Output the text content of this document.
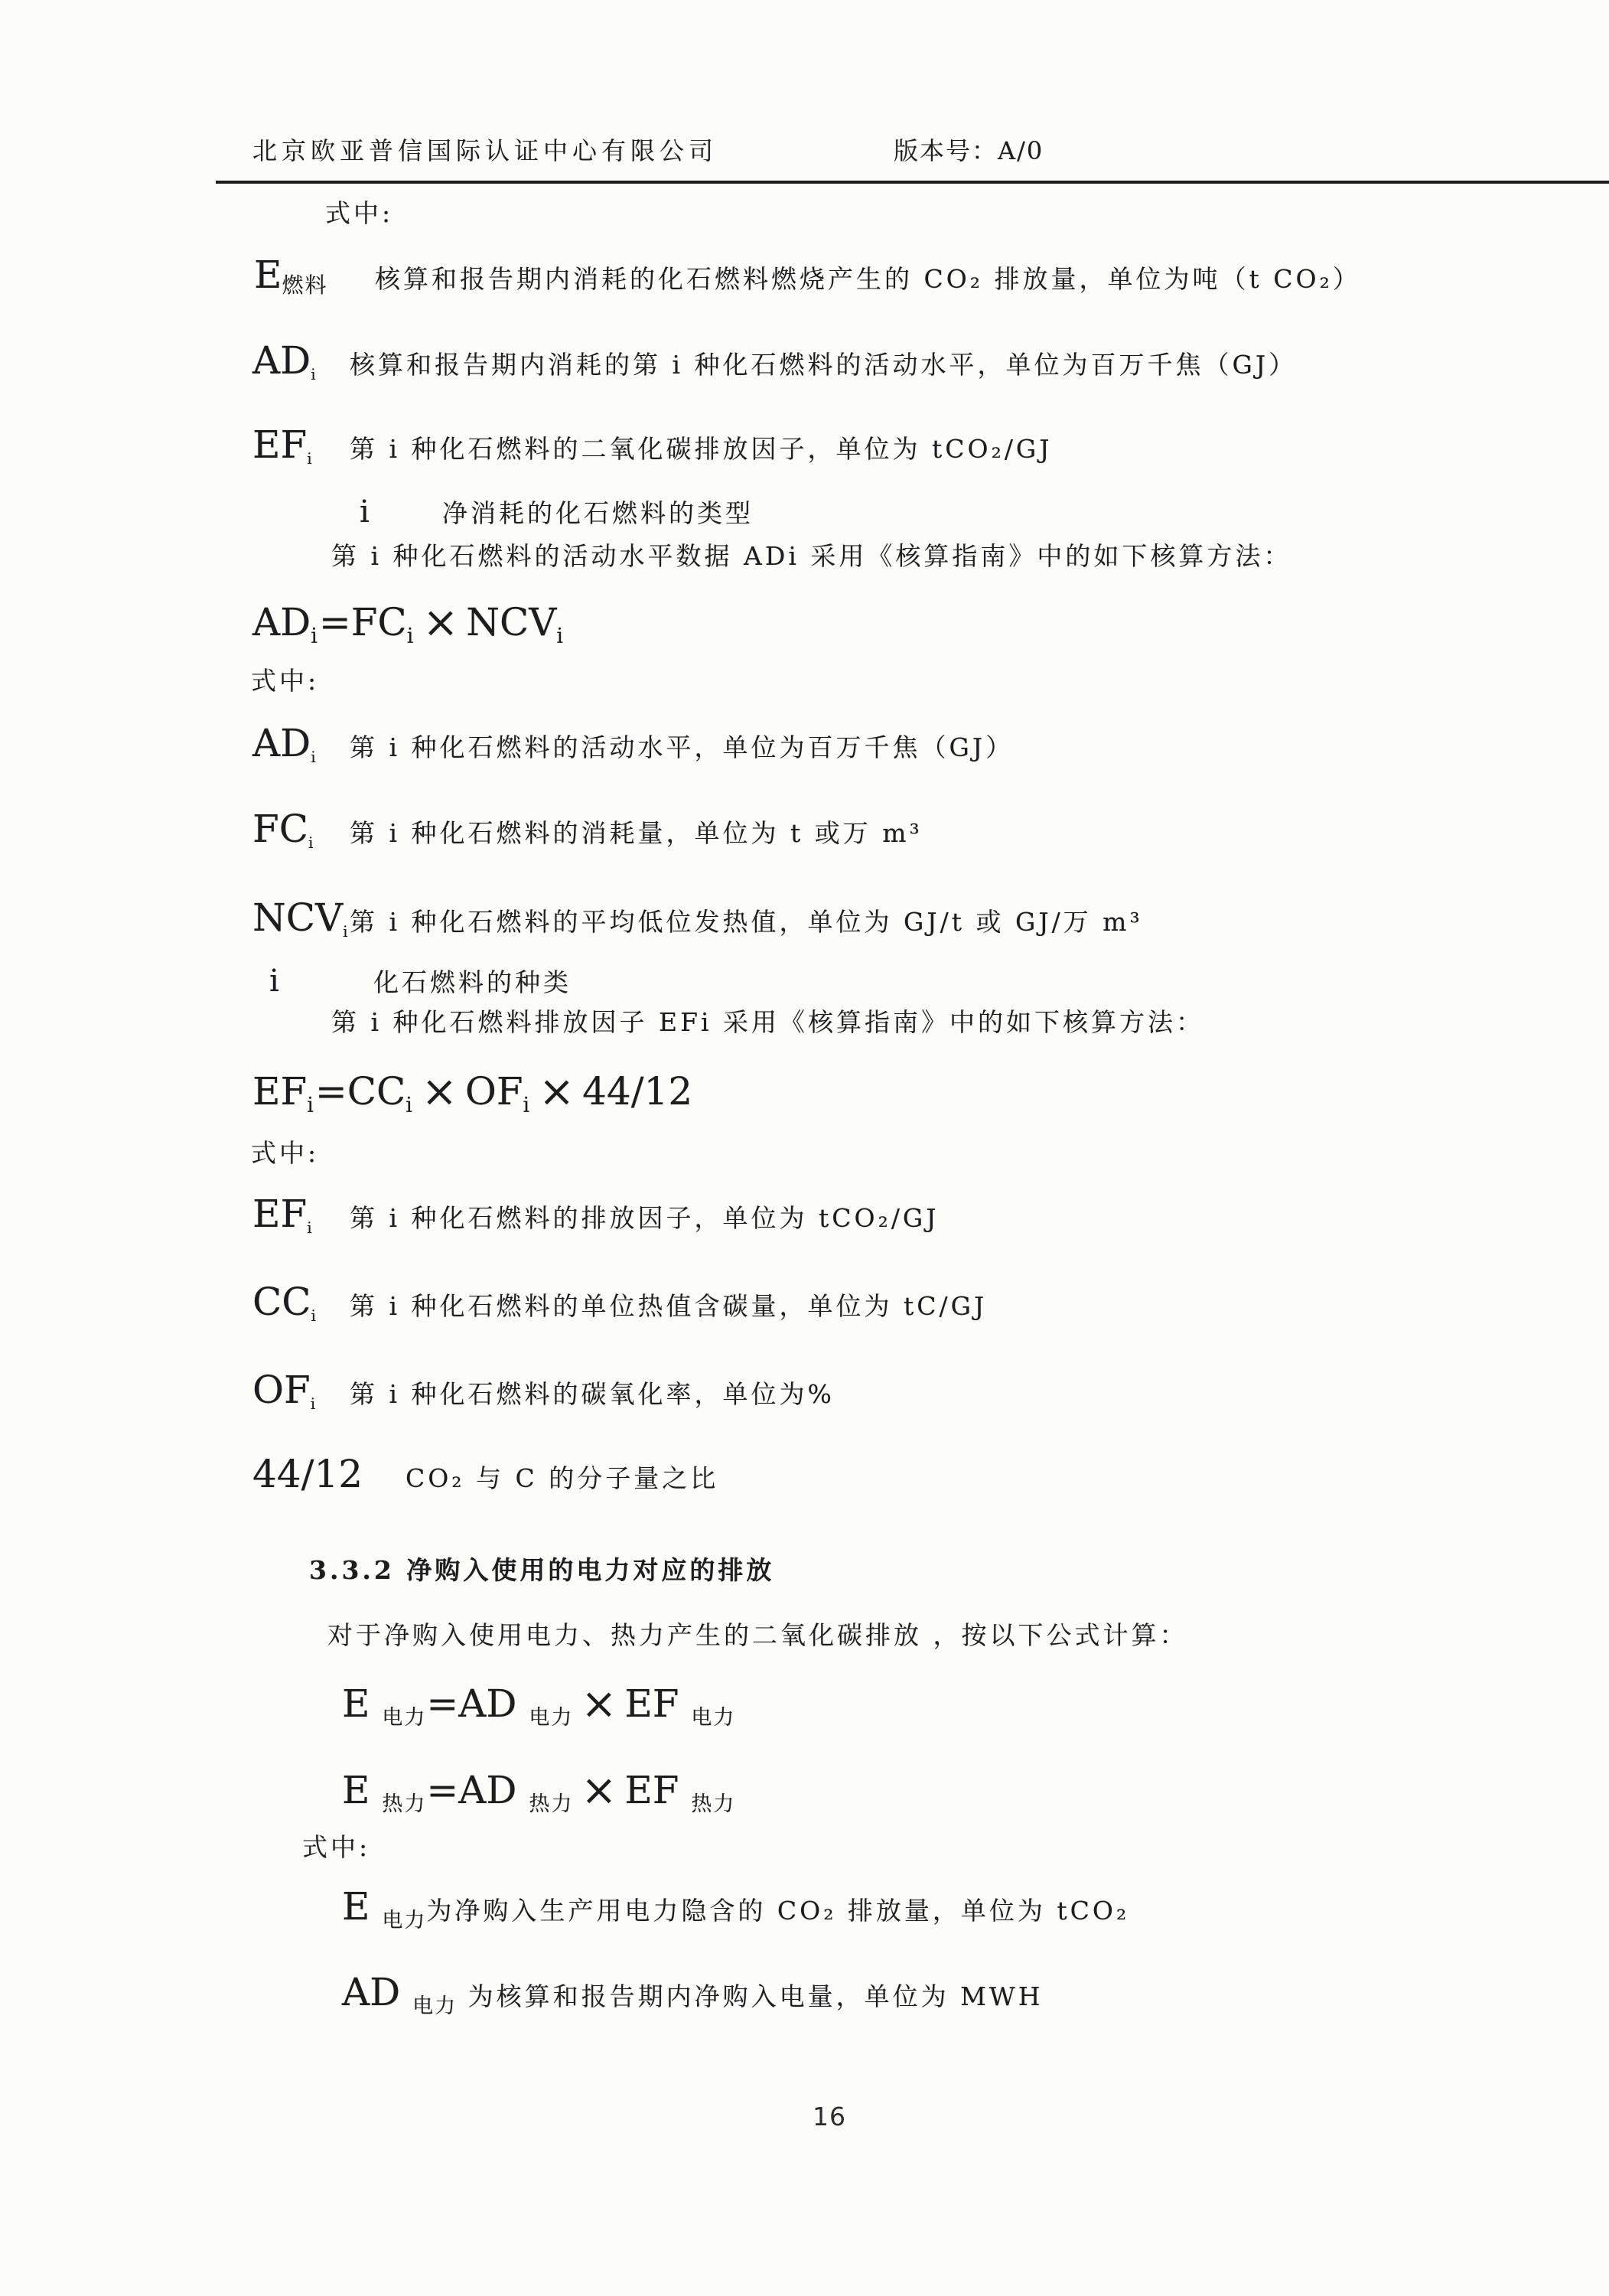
北京欧亚普信国际认证中心有限公司	版本号：A/0
式中:
$E_{燃料}$ 核算和报告期内消耗的化石燃料燃烧产生的 CO₂ 排放量，单位为吨（t CO₂）
$AD_i$ 核算和报告期内消耗的第 i 种化石燃料的活动水平，单位为百万千焦（GJ）
$EF_i$ 第 i 种化石燃料的二氧化碳排放因子，单位为 tCO₂/GJ
i	净消耗的化石燃料的类型
第 i 种化石燃料的活动水平数据 ADi 采用《核算指南》中的如下核算方法：
$AD_i=FC_i \times NCV_i$
式中:
$AD_i$ 第 i 种化石燃料的活动水平，单位为百万千焦（GJ）
$FC_i$ 第 i 种化石燃料的消耗量，单位为 t 或万 m³
$NCV_i$第 i 种化石燃料的平均低位发热值，单位为 GJ/t 或 GJ/万 m³
i	化石燃料的种类
第 i 种化石燃料排放因子 EFi 采用《核算指南》中的如下核算方法：
$EF_i=CC_i \times OF_i \times 44/12$
式中:
$EF_i$ 第 i 种化石燃料的排放因子，单位为 tCO₂/GJ
$CC_i$ 第 i 种化石燃料的单位热值含碳量，单位为 tC/GJ
$OF_i$ 第 i 种化石燃料的碳氧化率，单位为%
44/12 CO₂ 与 C 的分子量之比
3.3.2 净购入使用的电力对应的排放
对于净购入使用电力、热力产生的二氧化碳排放 ，按以下公式计算：
E $_{电力}$=AD $_{电力}$ × EF $_{电力}$
E $_{热力}$=AD $_{热力}$ × EF $_{热力}$
式中:
E $_{电力}$为净购入生产用电力隐含的 CO₂ 排放量，单位为 tCO₂
AD $_{电力}$ 为核算和报告期内净购入电量，单位为 MWH
16
